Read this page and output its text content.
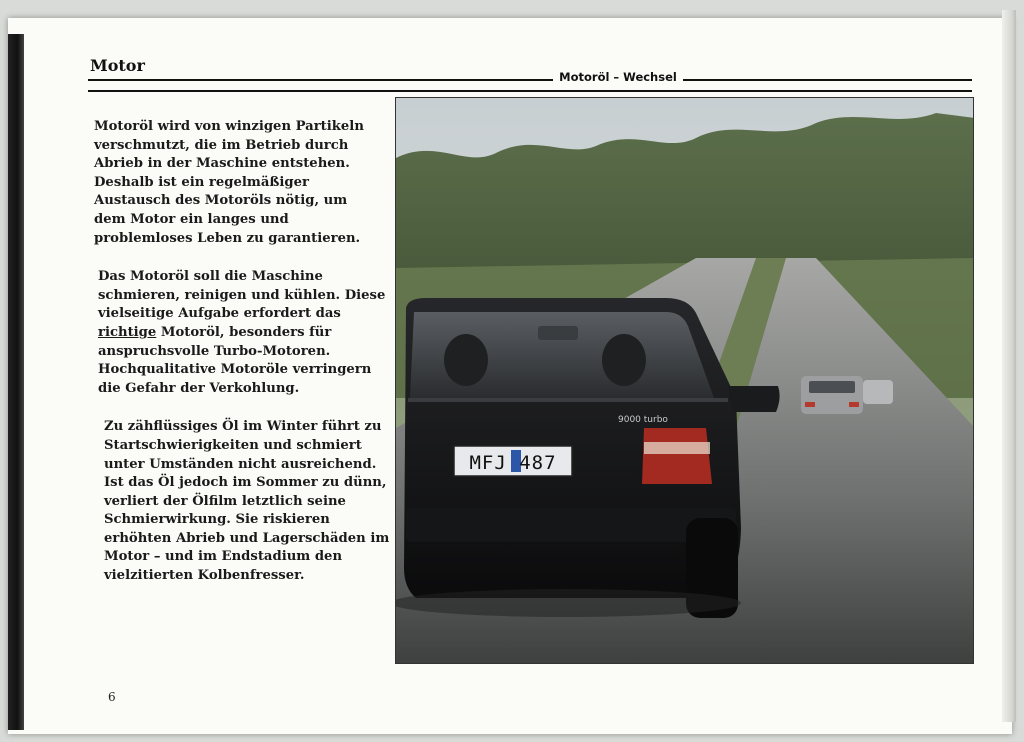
Motor
Motoröl – Wechsel

Motoröl wird von winzigen Partikeln verschmutzt, die im Betrieb durch Abrieb in der Maschine entstehen. Deshalb ist ein regelmäßiger Austausch des Motoröls nötig, um dem Motor ein langes und problemloses Leben zu garantieren.

Das Motoröl soll die Maschine schmieren, reinigen und kühlen. Diese vielseitige Aufgabe erfordert das richtige Motoröl, besonders für anspruchsvolle Turbo-Motoren. Hochqualitative Motoröle verringern die Gefahr der Verkohlung.

Zu zähflüssiges Öl im Winter führt zu Startschwierigkeiten und schmiert unter Umständen nicht ausreichend. Ist das Öl jedoch im Sommer zu dünn, verliert der Ölfilm letztlich seine Schmierwirkung. Sie riskieren erhöhten Abrieb und Lagerschäden im Motor – und im Endstadium den vielzitierten Kolbenfresser.

9000 turbo
MFJ 487
6
